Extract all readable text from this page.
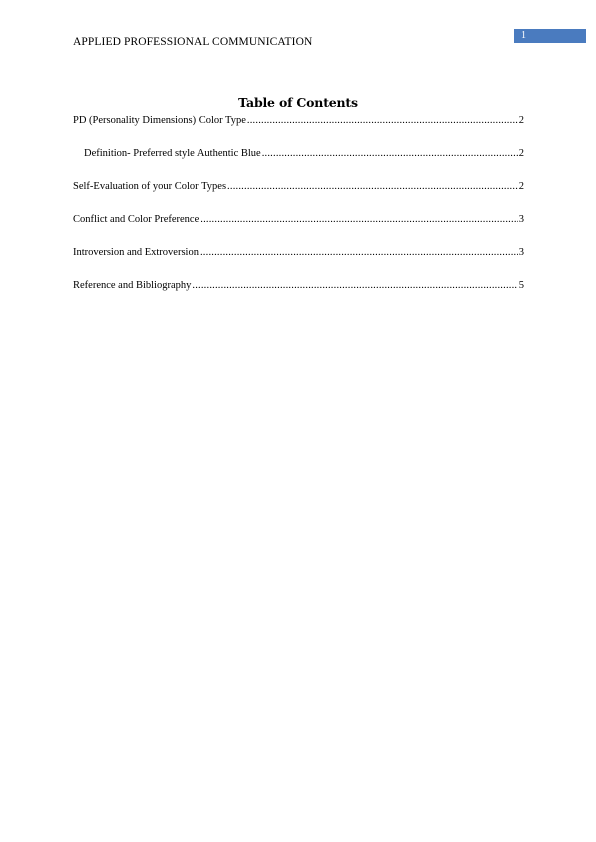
APPLIED PROFESSIONAL COMMUNICATION
1
Table of Contents
PD (Personality Dimensions) Color Type .....	2
Definition- Preferred style Authentic Blue .....	2
Self-Evaluation of your Color Types .....	2
Conflict and Color Preference .....	3
Introversion and Extroversion .....	3
Reference and Bibliography .....	5
